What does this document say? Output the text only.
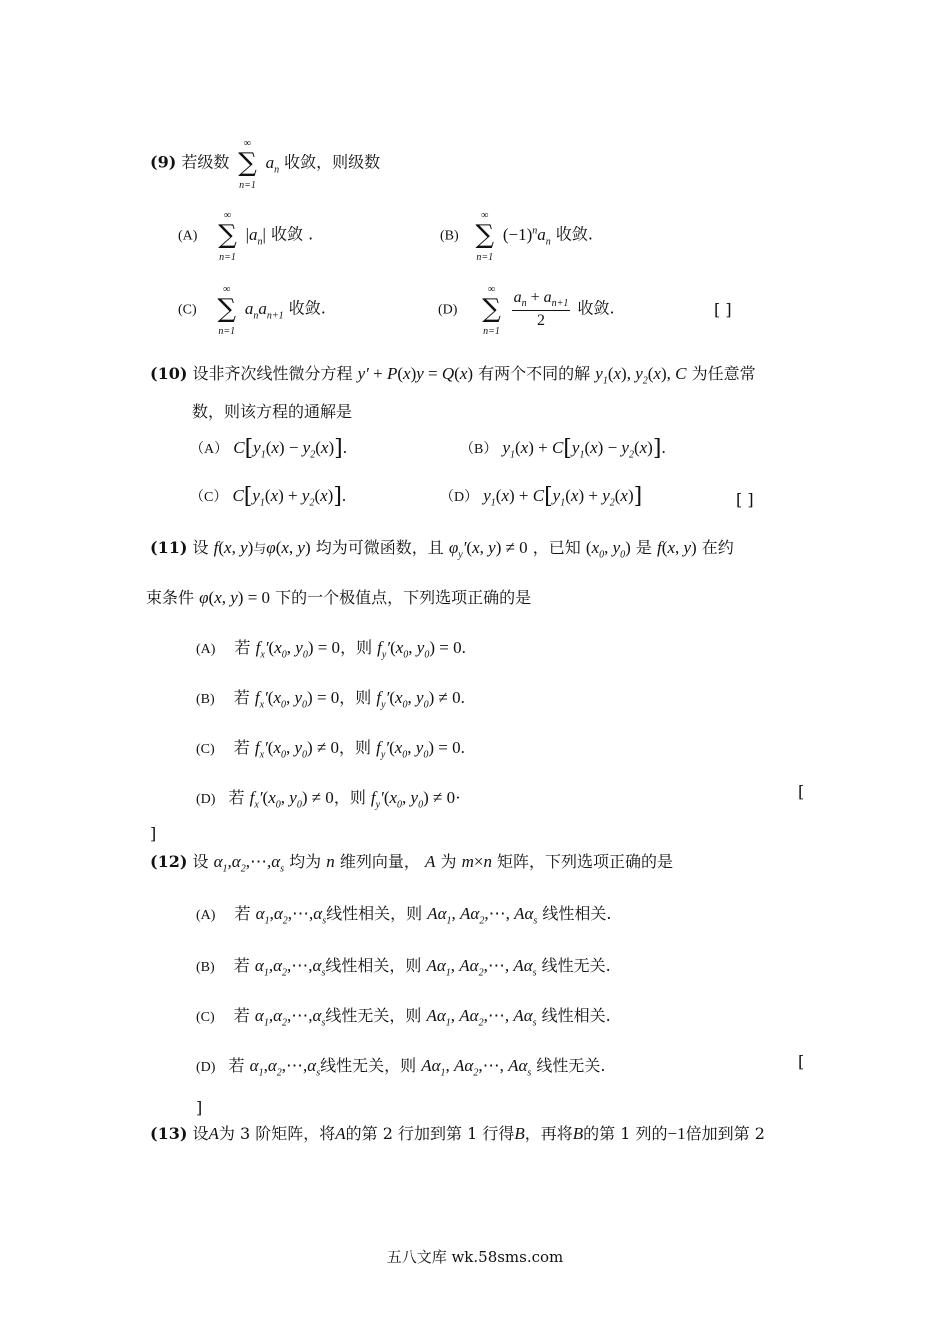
(9) 若级数
∞
∑
n=1
$a_n$ 收敛，则级数
(A)
∞
∑
n=1
$|a_n|$ 收敛 .	(B)
∞
∑
n=1
$(-1)^na_n$ 收敛.
(C)
∞
∑
n=1
$a_na_{n+1}$ 收敛.	(D)
∞
∑
n=1

$\frac{a_n + a_{n+1}}{2}$ 收敛.	[ ]
(10) 设非齐次线性微分方程 y′ + P(x)y = Q(x) 有两个不同的解 $y_1(x)$, $y_2(x)$, C 为任意常
数，则该方程的通解是
（A） $C[y_1(x) - y_2(x)]$.	（B） $y_1(x) + C[y_1(x) - y_2(x)]$.
（C） $C[y_1(x) + y_2(x)]$.	（D） $y_1(x) + C[y_1(x) + y_2(x)]$	[ ]
(11) 设 f(x, y)与φ(x, y) 均为可微函数，且 $\varphi_y'(x$, y) ≠ 0 ，已知 ($x_0$, $y_0$) 是 f(x, y) 在约
束条件 φ(x, y) = 0 下的一个极值点，下列选项正确的是
(A) 若 $f_x'(x_0$, $y_0) = 0$，则 $f_y'(x_0$, $y_0) = 0$.
(B) 若 $f_x'(x_0$, $y_0) = 0$，则 $f_y'(x_0$, $y_0) \ne 0$.
(C) 若 $f_x'(x_0$, $y_0) \ne 0$，则 $f_y'(x_0$, $y_0) = 0$.
(D) 若 $f_x'(x_0$, $y_0) \ne 0$，则 $f_y'(x_0$, $y_0) \ne 0\cdot$	[
]
(12) 设 $\alpha_1,\alpha_2,\cdots,\alpha_s$ 均为 n 维列向量， A 为 m×n 矩阵，下列选项正确的是
(A) 若 $\alpha_1,\alpha_2,\cdots,\alpha_s$线性相关，则 $A\alpha_1$, $A\alpha_2,\cdots$, $A\alpha_s$ 线性相关.
(B) 若 $\alpha_1,\alpha_2,\cdots,\alpha_s$线性相关，则 $A\alpha_1$, $A\alpha_2,\cdots$, $A\alpha_s$ 线性无关.
(C) 若 $\alpha_1,\alpha_2,\cdots,\alpha_s$线性无关，则 $A\alpha_1$, $A\alpha_2,\cdots$, $A\alpha_s$ 线性相关.
(D) 若 $\alpha_1,\alpha_2,\cdots,\alpha_s$线性无关，则 $A\alpha_1$, $A\alpha_2,\cdots$, $A\alpha_s$ 线性无关.	[
]
(13) 设A为 3 阶矩阵，将A的第 2 行加到第 1 行得B，再将B的第 1 列的−1倍加到第 2
五八文库 wk.58sms.com
